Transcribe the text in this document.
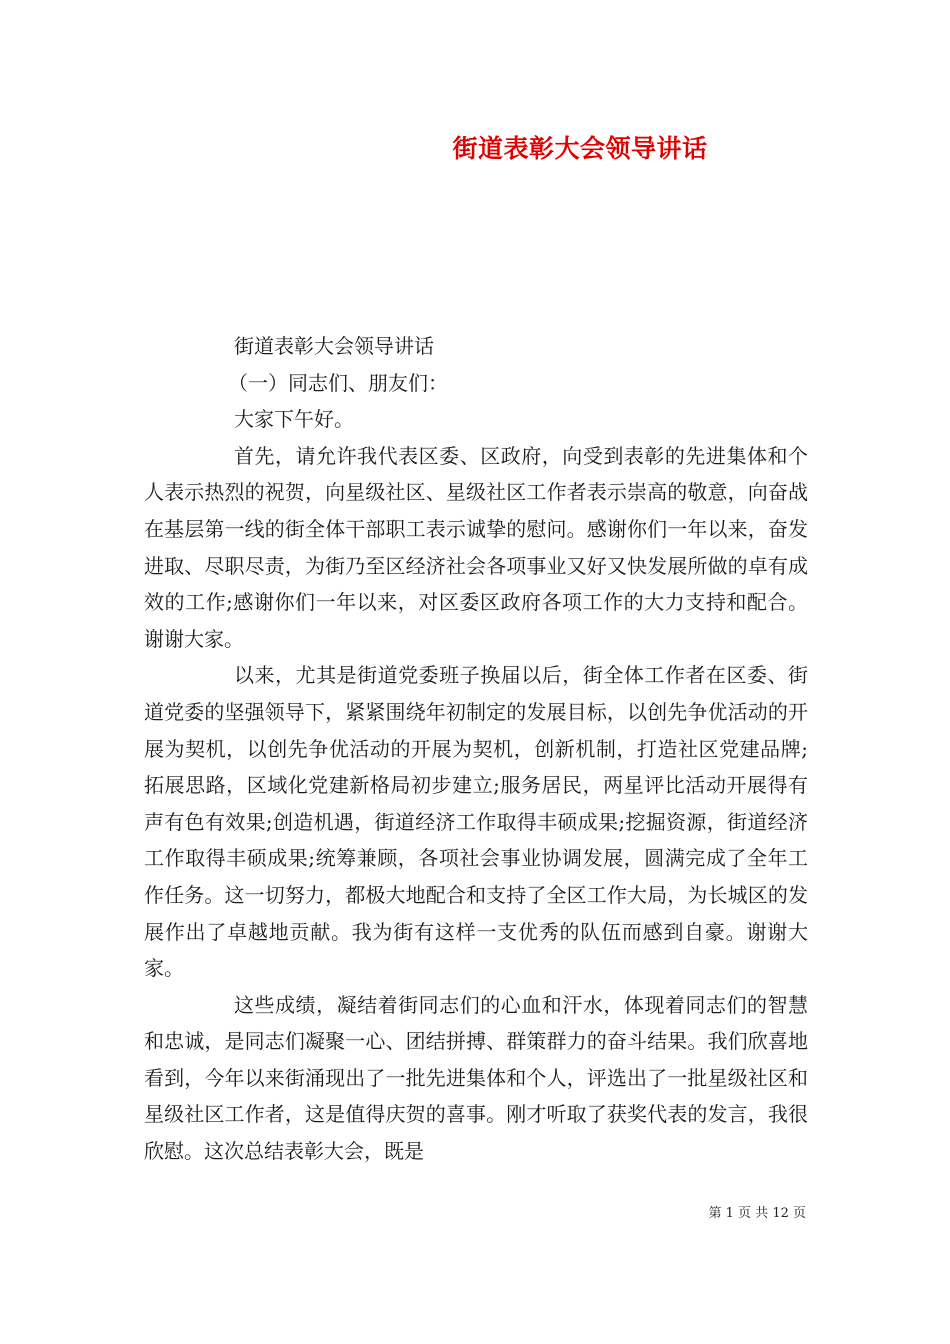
街道表彰大会领导讲话

街道表彰大会领导讲话

（一）同志们、朋友们：

大家下午好。

首先，请允许我代表区委、区政府，向受到表彰的先进集体和个人表示热烈的祝贺，向星级社区、星级社区工作者表示崇高的敬意，向奋战在基层第一线的街全体干部职工表示诚挚的慰问。感谢你们一年以来，奋发进取、尽职尽责，为街乃至区经济社会各项事业又好又快发展所做的卓有成效的工作;感谢你们一年以来，对区委区政府各项工作的大力支持和配合。谢谢大家。

以来，尤其是街道党委班子换届以后，街全体工作者在区委、街道党委的坚强领导下，紧紧围绕年初制定的发展目标，以创先争优活动的开展为契机，以创先争优活动的开展为契机，创新机制，打造社区党建品牌;拓展思路，区域化党建新格局初步建立;服务居民，两星评比活动开展得有声有色有效果;创造机遇，街道经济工作取得丰硕成果;挖掘资源，街道经济工作取得丰硕成果;统筹兼顾，各项社会事业协调发展，圆满完成了全年工作任务。这一切努力，都极大地配合和支持了全区工作大局，为长城区的发展作出了卓越地贡献。我为街有这样一支优秀的队伍而感到自豪。谢谢大家。

这些成绩，凝结着街同志们的心血和汗水，体现着同志们的智慧和忠诚，是同志们凝聚一心、团结拼搏、群策群力的奋斗结果。我们欣喜地看到，今年以来街涌现出了一批先进集体和个人，评选出了一批星级社区和星级社区工作者，这是值得庆贺的喜事。刚才听取了获奖代表的发言，我很欣慰。这次总结表彰大会，既是

第 1 页 共 12 页
